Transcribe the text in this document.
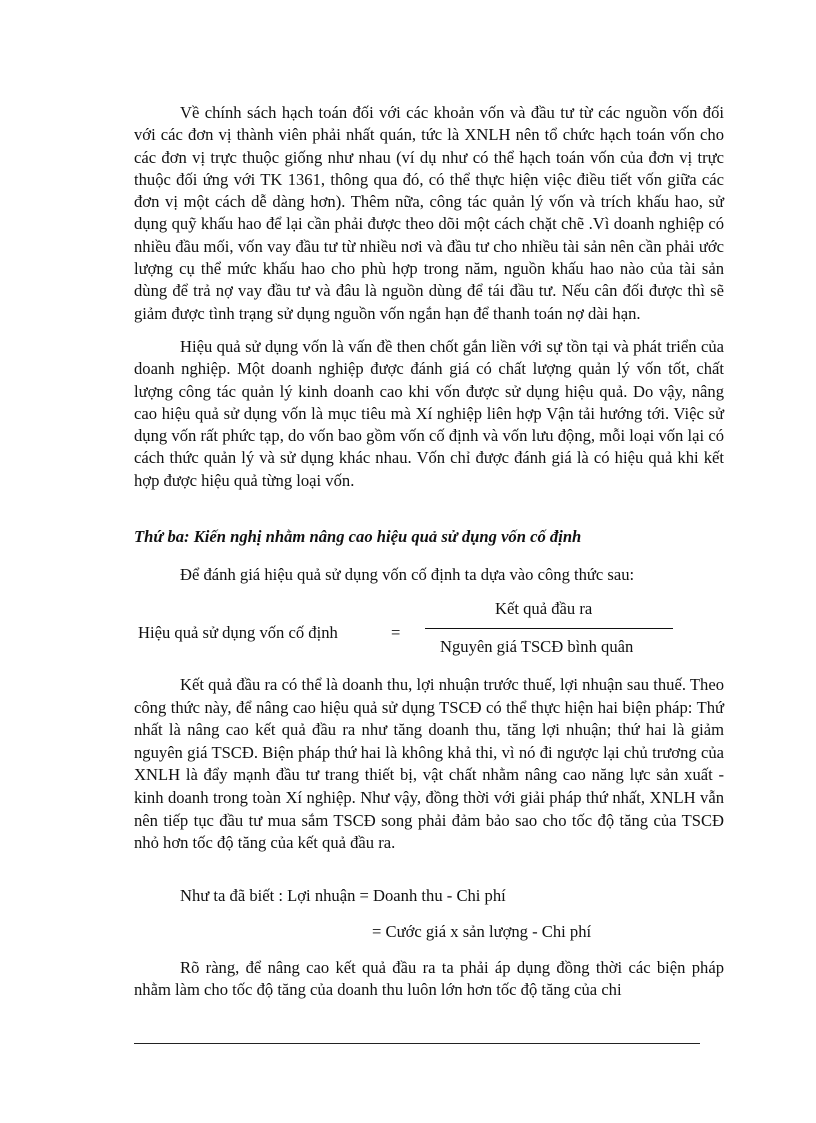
Về chính sách hạch toán đối với các khoản vốn và đầu tư từ các nguồn vốn đối với các đơn vị thành viên phải nhất quán, tức là XNLH nên tổ chức hạch toán vốn cho các đơn vị trực thuộc giống như nhau (ví dụ như có thể hạch toán vốn của đơn vị trực thuộc đối ứng với TK 1361, thông qua đó, có thể thực hiện việc điều tiết vốn giữa các đơn vị một cách dễ dàng hơn). Thêm nữa, công tác quản lý vốn và trích khấu hao, sử dụng quỹ khấu hao để lại cần phải được theo dõi một cách chặt chẽ .Vì doanh nghiệp có nhiều đầu mối, vốn vay đầu tư từ nhiều nơi và đầu tư cho nhiều tài sản nên cần phải ước lượng cụ thể mức khấu hao cho phù hợp trong năm, nguồn khấu hao nào của tài sản dùng để trả nợ vay đầu tư và đâu là nguồn dùng để tái đầu tư. Nếu cân đối được thì sẽ giảm được tình trạng sử dụng nguồn vốn ngắn hạn để thanh toán nợ dài hạn.

Hiệu quả sử dụng vốn là vấn đề then chốt gắn liền với sự tồn tại và phát triển của doanh nghiệp. Một doanh nghiệp được đánh giá có chất lượng quản lý vốn tốt, chất lượng công tác quản lý kinh doanh cao khi vốn được sử dụng hiệu quả. Do vậy, nâng cao hiệu quả sử dụng vốn là mục tiêu mà Xí nghiệp liên hợp Vận tải hướng tới. Việc sử dụng vốn rất phức tạp, do vốn bao gồm vốn cố định và vốn lưu động, mỗi loại vốn lại có cách thức quản lý và sử dụng khác nhau. Vốn chỉ được đánh giá là có hiệu quả khi kết hợp được hiệu quả từng loại vốn.

Thứ ba: Kiến nghị nhằm nâng cao hiệu quả sử dụng vốn cố định

Để đánh giá hiệu quả sử dụng vốn cố định ta dựa vào công thức sau:

Hiệu quả sử dụng vốn cố định	=
Kết quả đầu ra
Nguyên giá TSCĐ bình quân

Kết quả đầu ra có thể là doanh thu, lợi nhuận trước thuế, lợi nhuận sau thuế. Theo công thức này, để nâng cao hiệu quả sử dụng TSCĐ có thể thực hiện hai biện pháp: Thứ nhất là nâng cao kết quả đầu ra như tăng doanh thu, tăng lợi nhuận; thứ hai là giảm nguyên giá TSCĐ. Biện pháp thứ hai là không khả thi, vì nó đi ngược lại chủ trương của XNLH là đẩy mạnh đầu tư trang thiết bị, vật chất nhằm nâng cao năng lực sản xuất - kinh doanh trong toàn Xí nghiệp. Như vậy, đồng thời với giải pháp thứ nhất, XNLH vẫn nên tiếp tục đầu tư mua sắm TSCĐ song phải đảm bảo sao cho tốc độ tăng của TSCĐ nhỏ hơn tốc độ tăng của kết quả đầu ra.

Như ta đã biết : Lợi nhuận = Doanh thu - Chi phí
= Cước giá x sản lượng - Chi phí

Rõ ràng, để nâng cao kết quả đầu ra ta phải áp dụng đồng thời các biện pháp nhằm làm cho tốc độ tăng của doanh thu luôn lớn hơn tốc độ tăng của chi
